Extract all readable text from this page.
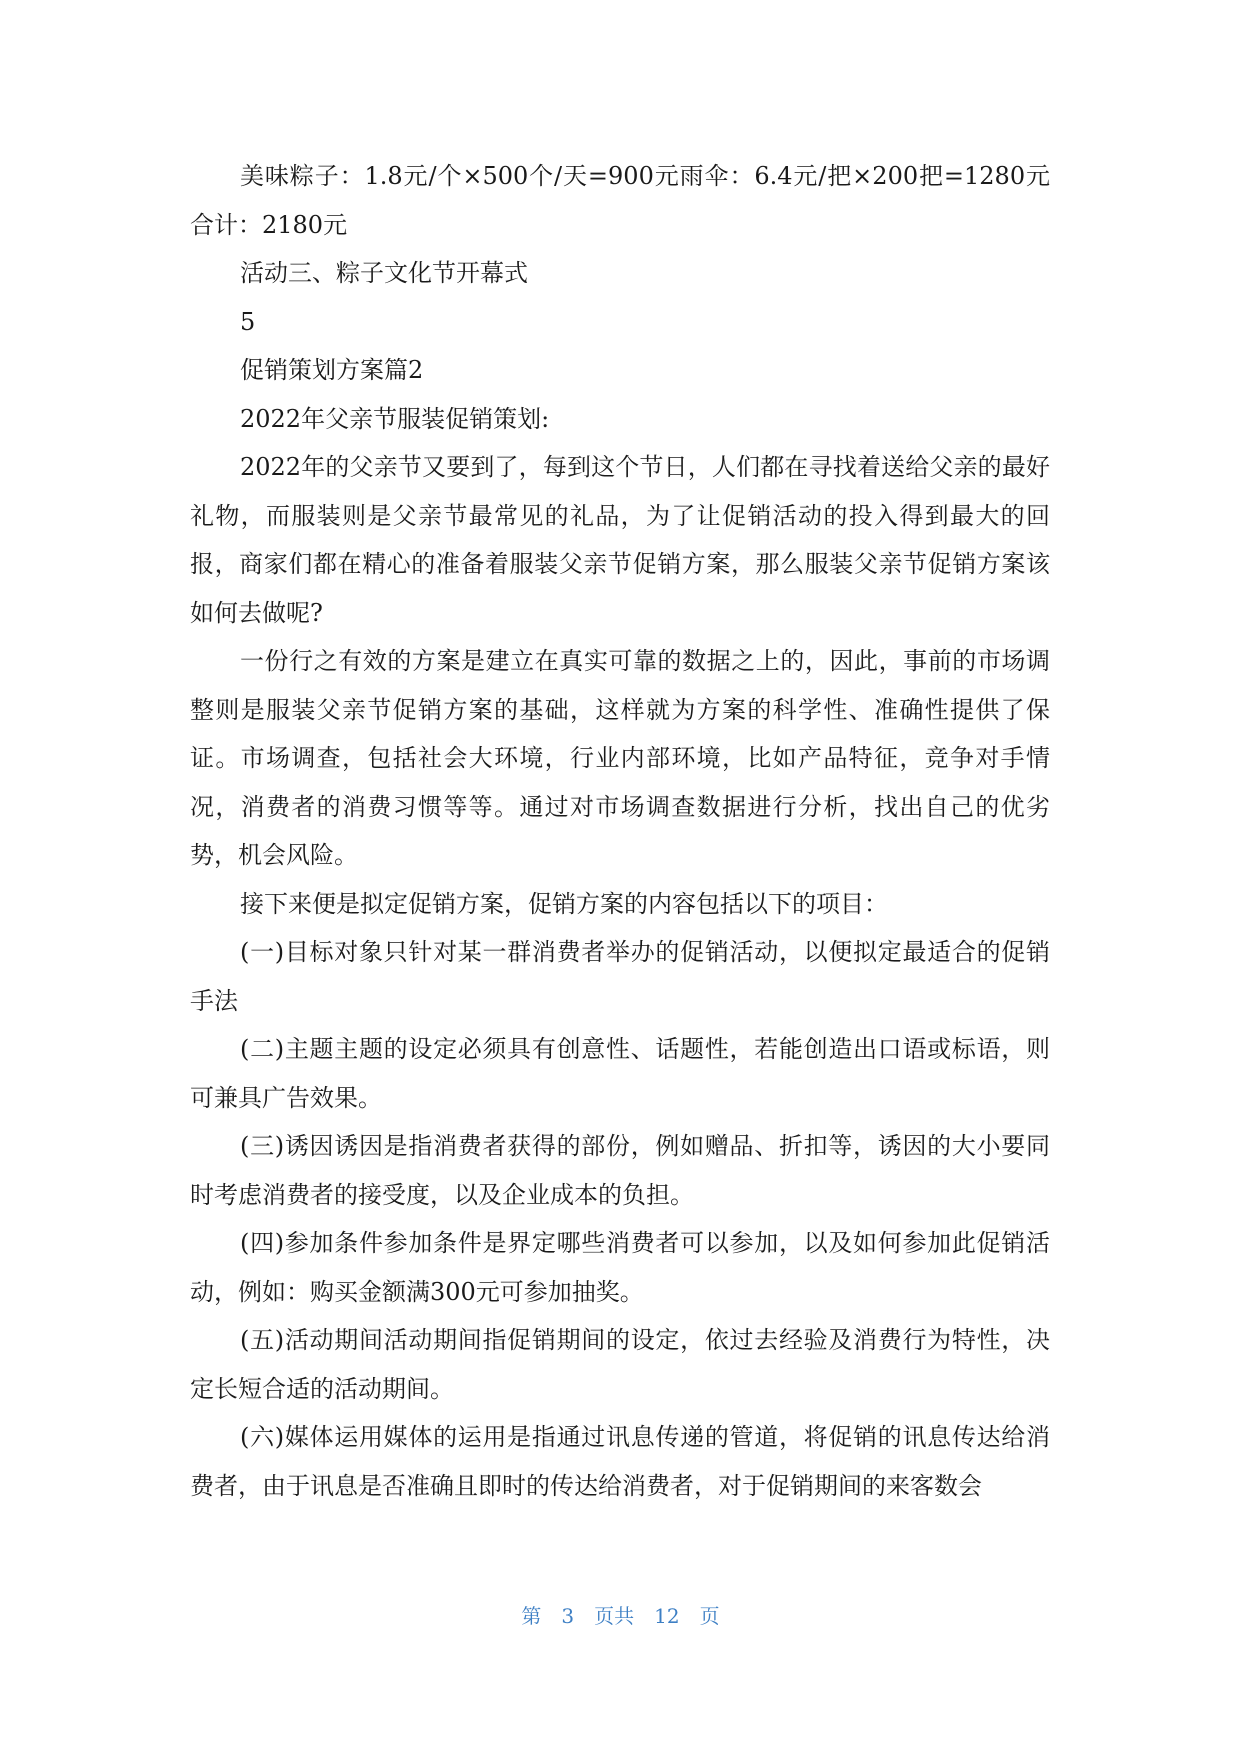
美味粽子：1.8元/个×500个/天=900元雨伞：6.4元/把×200把=1280元合计：2180元

活动三、粽子文化节开幕式

5

促销策划方案篇2

2022年父亲节服装促销策划:

2022年的父亲节又要到了，每到这个节日，人们都在寻找着送给父亲的最好礼物，而服装则是父亲节最常见的礼品，为了让促销活动的投入得到最大的回报，商家们都在精心的准备着服装父亲节促销方案，那么服装父亲节促销方案该如何去做呢?

一份行之有效的方案是建立在真实可靠的数据之上的，因此，事前的市场调整则是服装父亲节促销方案的基础，这样就为方案的科学性、准确性提供了保证。市场调查，包括社会大环境，行业内部环境，比如产品特征，竞争对手情况，消费者的消费习惯等等。通过对市场调查数据进行分析，找出自己的优劣势，机会风险。

接下来便是拟定促销方案，促销方案的内容包括以下的项目：

(一)目标对象只针对某一群消费者举办的促销活动，以便拟定最适合的促销手法

(二)主题主题的设定必须具有创意性、话题性，若能创造出口语或标语，则可兼具广告效果。

(三)诱因诱因是指消费者获得的部份，例如赠品、折扣等，诱因的大小要同时考虑消费者的接受度，以及企业成本的负担。

(四)参加条件参加条件是界定哪些消费者可以参加，以及如何参加此促销活动，例如：购买金额满300元可参加抽奖。

(五)活动期间活动期间指促销期间的设定，依过去经验及消费行为特性，决定长短合适的活动期间。

(六)媒体运用媒体的运用是指通过讯息传递的管道，将促销的讯息传达给消费者，由于讯息是否准确且即时的传达给消费者，对于促销期间的来客数会

第 3 页共 12 页
